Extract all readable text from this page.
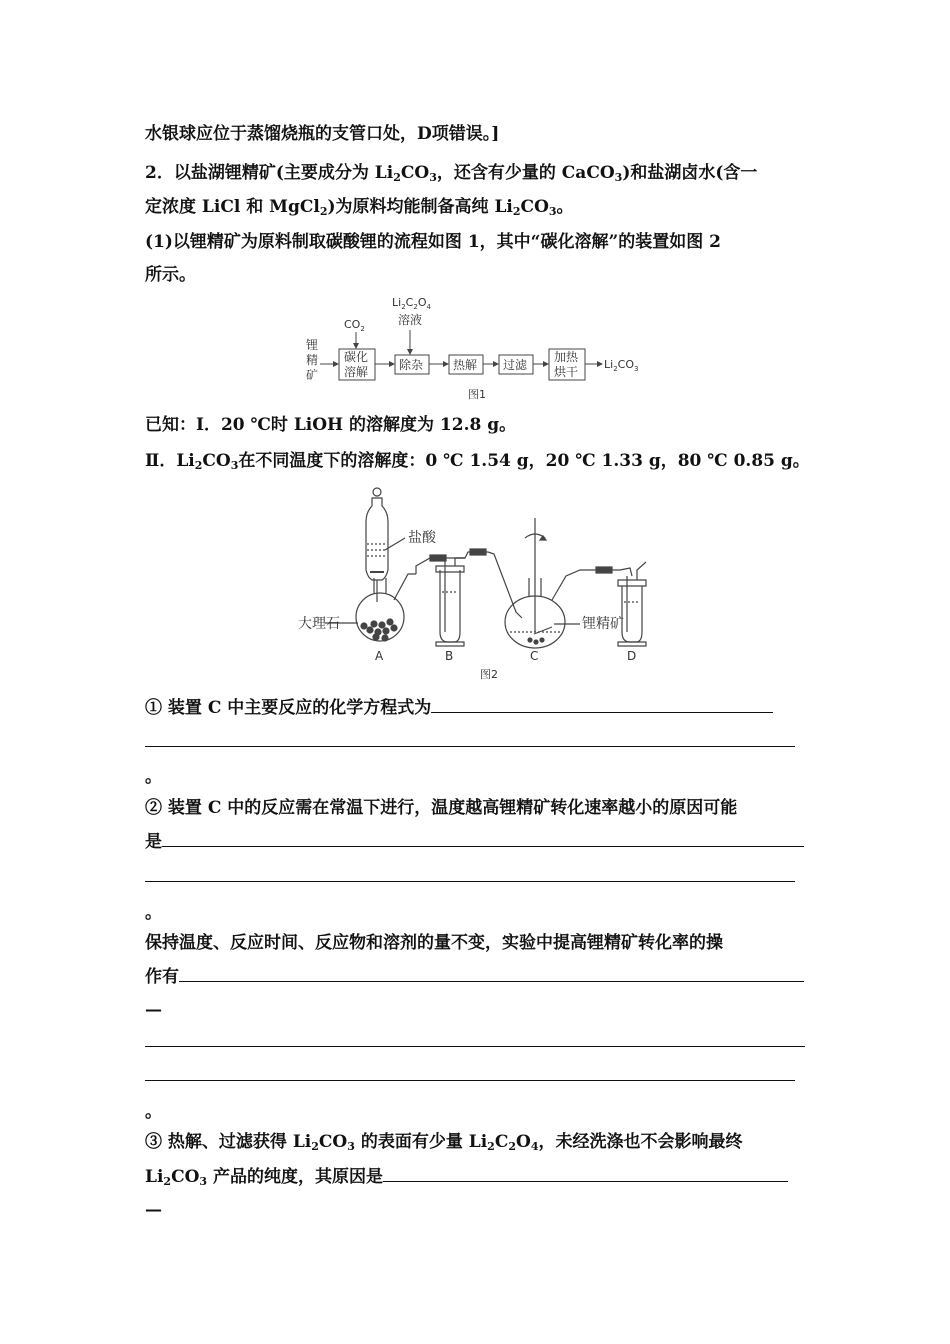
水银球应位于蒸馏烧瓶的支管口处，D项错误。]
2．以盐湖锂精矿(主要成分为 $Li_2CO_3$，还含有少量的 CaCO$_3$)和盐湖卤水(含一
定浓度 LiCl 和 MgCl$_2$)为原料均能制备高纯 $Li_2CO_3$。
(1)以锂精矿为原料制取碳酸锂的流程如图 1，其中“碳化溶解”的装置如图 2
所示。
锂
精
矿
$CO_2$
$Li_2C_2O_4$
溶液
碳化
溶解	除杂 热解 过滤
加热
烘干
$Li_2CO_3$
图1
已知：Ⅰ．20 ℃时 LiOH 的溶解度为 12.8 g。
Ⅱ．$Li_2CO_3$在不同温度下的溶解度：0 ℃ 1.54 g，20 ℃ 1.33 g，80 ℃ 0.85 g。
盐酸
大理石	锂精矿
A	B	C	D
图2
① 装置 C 中主要反应的化学方程式为
。
② 装置 C 中的反应需在常温下进行，温度越高锂精矿转化速率越小的原因可能
是
。
保持温度、反应时间、反应物和溶剂的量不变，实验中提高锂精矿转化率的操
作有
—
。
③ 热解、过滤获得 $Li_2CO_3$ 的表面有少量 $Li_2C_2O_4$，未经洗涤也不会影响最终
$Li_2CO_3$ 产品的纯度，其原因是
—
